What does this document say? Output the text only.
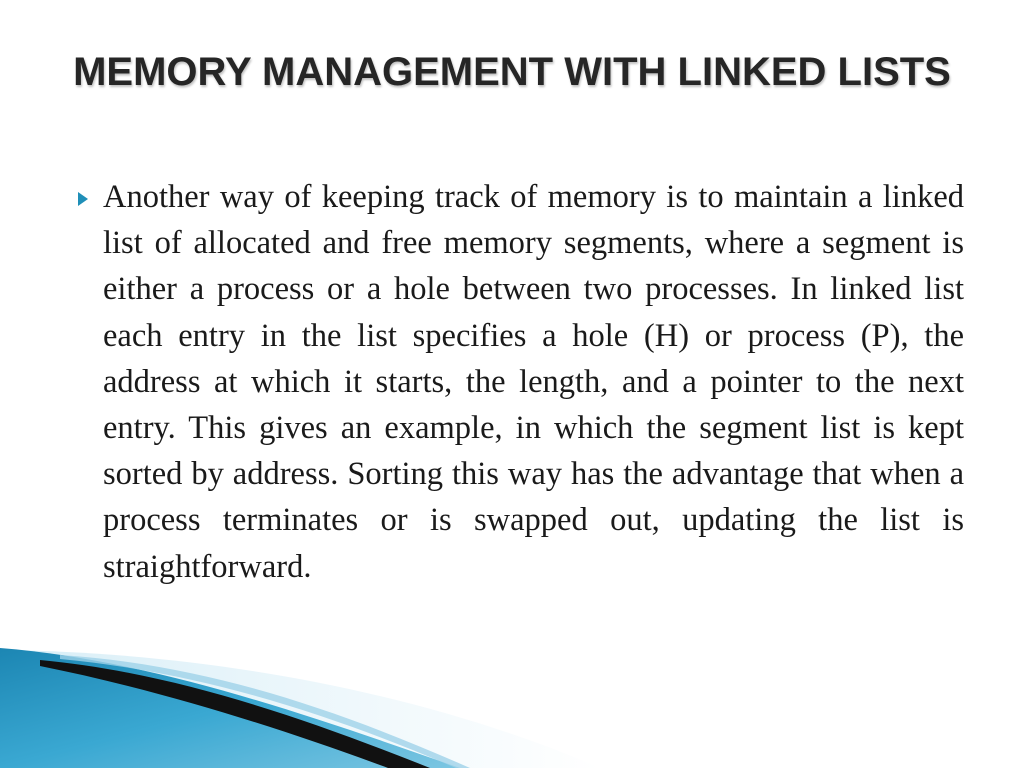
MEMORY MANAGEMENT WITH LINKED LISTS

Another way of keeping track of memory is to maintain a linked list of allocated and free memory segments, where a segment is either a process or a hole between two processes. In linked list each entry in the list specifies a hole (H) or process (P), the address at which it starts, the length, and a pointer to the next entry. This gives an example, in which the segment list is kept sorted by address. Sorting this way has the advantage that when a process terminates or is swapped out, updating the list is straightforward.
